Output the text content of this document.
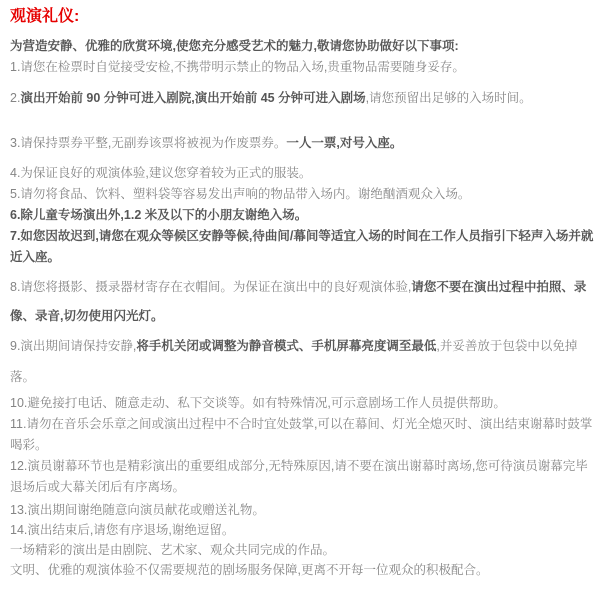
观演礼仪:

为营造安静、优雅的欣赏环境,使您充分感受艺术的魅力,敬请您协助做好以下事项:

1.请您在检票时自觉接受安检,不携带明示禁止的物品入场,贵重物品需要随身妥存。

2.演出开始前 90 分钟可进入剧院,演出开始前 45 分钟可进入剧场,请您预留出足够的入场时间。

3.请保持票券平整,无副券该票将被视为作废票券。一人一票,对号入座。

4.为保证良好的观演体验,建议您穿着较为正式的服装。

5.请勿将食品、饮料、塑料袋等容易发出声响的物品带入场内。谢绝酗酒观众入场。

6.除儿童专场演出外,1.2 米及以下的小朋友谢绝入场。

7.如您因故迟到,请您在观众等候区安静等候,待曲间/幕间等适宜入场的时间在工作人员指引下轻声入场并就近入座。

8.请您将摄影、摄录器材寄存在衣帽间。为保证在演出中的良好观演体验,请您不要在演出过程中拍照、录像、录音,切勿使用闪光灯。

9.演出期间请保持安静,将手机关闭或调整为静音模式、手机屏幕亮度调至最低,并妥善放于包袋中以免掉落。

10.避免接打电话、随意走动、私下交谈等。如有特殊情况,可示意剧场工作人员提供帮助。

11.请勿在音乐会乐章之间或演出过程中不合时宜处鼓掌,可以在幕间、灯光全熄灭时、演出结束谢幕时鼓掌喝彩。

12.演员谢幕环节也是精彩演出的重要组成部分,无特殊原因,请不要在演出谢幕时离场,您可待演员谢幕完毕退场后或大幕关闭后有序离场。

13.演出期间谢绝随意向演员献花或赠送礼物。

14.演出结束后,请您有序退场,谢绝逗留。

一场精彩的演出是由剧院、艺术家、观众共同完成的作品。

文明、优雅的观演体验不仅需要规范的剧场服务保障,更离不开每一位观众的积极配合。
